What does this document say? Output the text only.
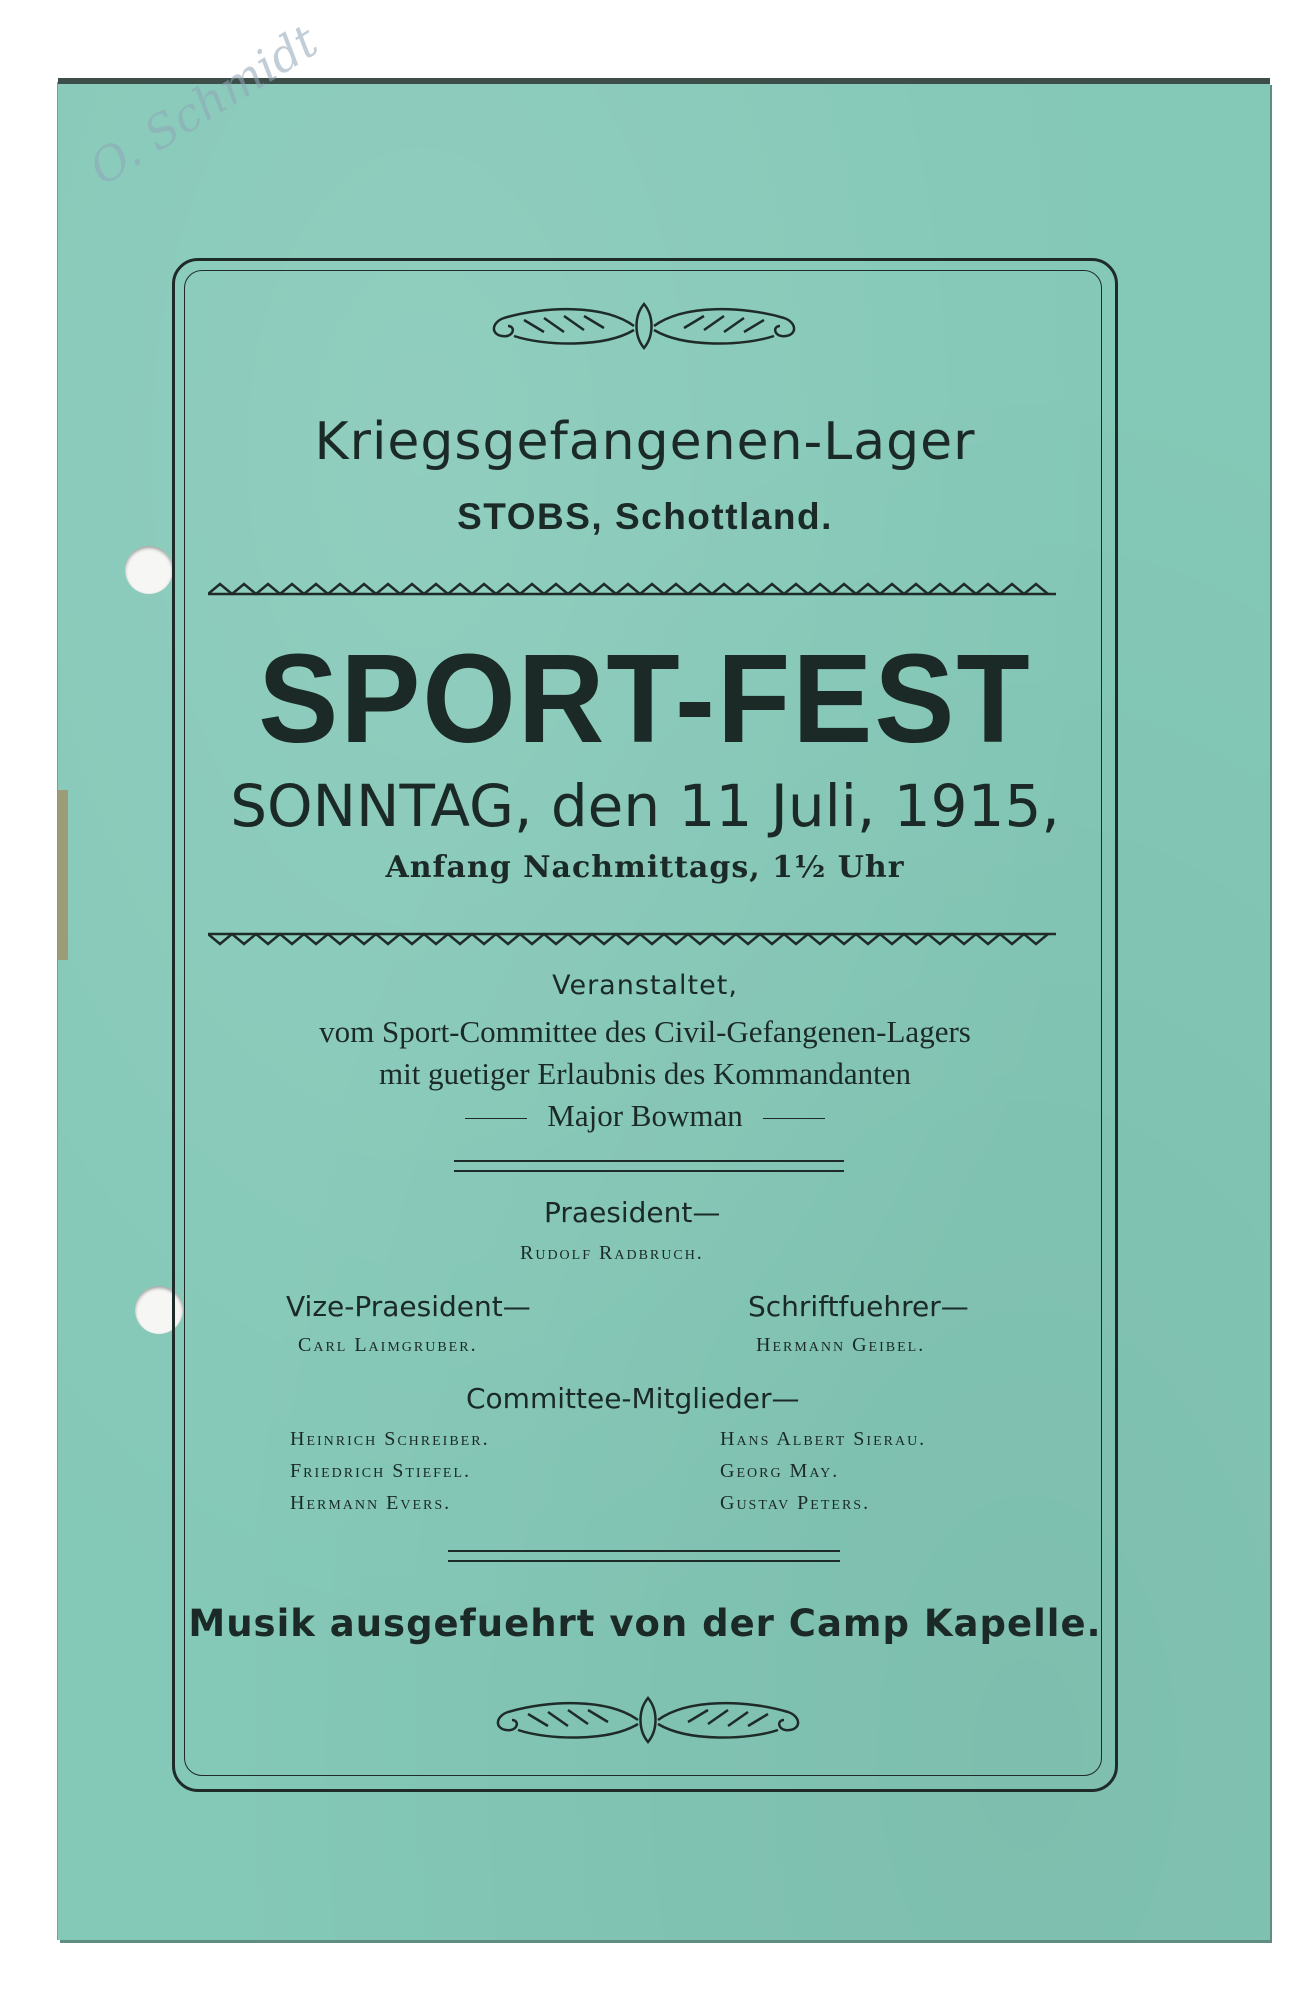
O. Schmidt
Kriegsgefangenen-Lager
STOBS, Schottland.
SPORT-FEST
SONNTAG, den 11 Juli, 1915,
Anfang Nachmittags, 1½ Uhr
Veranstaltet,
vom Sport-Committee des Civil-Gefangenen-Lagers
mit guetiger Erlaubnis des Kommandanten
Major Bowman
Praesident—
Rudolf Radbruch.
Vize-Praesident—
Carl Laimgruber.
Schriftfuehrer—
Hermann Geibel.
Committee-Mitglieder—
Heinrich Schreiber.
Friedrich Stiefel.
Hermann Evers.
Hans Albert Sierau.
Georg May.
Gustav Peters.
Musik ausgefuehrt von der Camp Kapelle.
